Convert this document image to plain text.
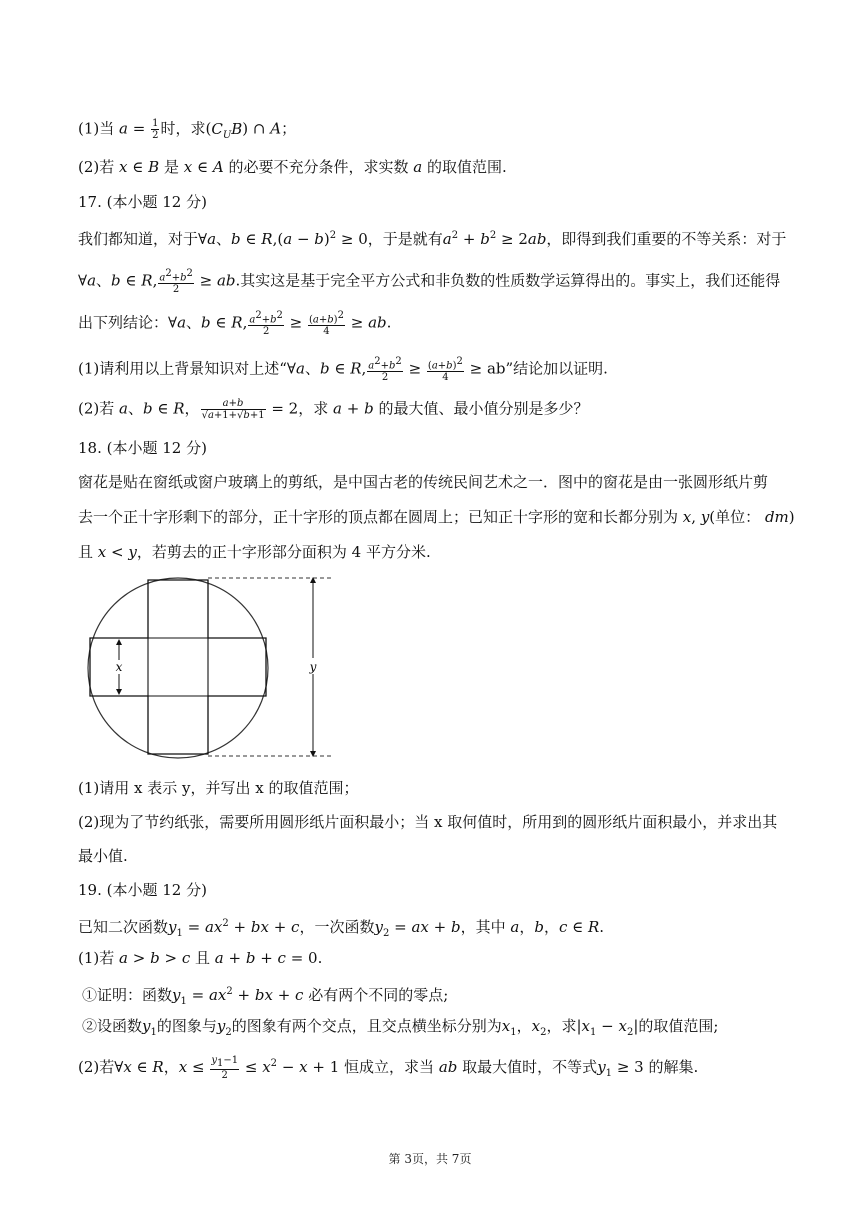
(1)当 $a = \frac{1}{2}$ 时，求$(C_UB)$ ∩ A；
(2)若 x ∈ B 是 x ∈ A 的必要不充分条件，求实数 a 的取值范围.
17. (本小题 12 分)
我们都知道，对于∀a、b ∈ $R,(a - b)^2 \ge 0$，于是就有$a^2 + b^2 \ge 2ab$，即得到我们重要的不等关系：对于
∀a、b ∈ R, $\frac{a^2+b^2}{2}$ ≥ ab.其实这是基于完全平方公式和非负数的性质数学运算得出的。事实上，我们还能得
出下列结论：∀a、b ∈ R, $\frac{a^2+b^2}{2} \ge \frac{(a+b)^2}{4}$ ≥ ab.
(1)请利用以上背景知识对上述“∀a、b ∈ R, $\frac{a^2+b^2}{2} \ge \frac{(a+b)^2}{4}$ ≥ ab”结论加以证明.
(2)若 a、b ∈ R， $\frac{a+b}{√a+1+√b+1} = 2$，求 a + b 的最大值、最小值分别是多少？
18. (本小题 12 分)
窗花是贴在窗纸或窗户玻璃上的剪纸，是中国古老的传统民间艺术之一．图中的窗花是由一张圆形纸片剪
去一个正十字形剩下的部分，正十字形的顶点都在圆周上；已知正十字形的宽和长都分别为 x, y(单位： dm)
且 x < y，若剪去的正十字形部分面积为 4 平方分米.
x	y
(1)请用 x 表示 y，并写出 x 的取值范围；
(2)现为了节约纸张，需要所用圆形纸片面积最小；当 x 取何值时，所用到的圆形纸片面积最小，并求出其
最小值.
19. (本小题 12 分)
已知二次函数$y_1 = ax^2$ + bx + c，一次函数$y_2$ = ax + b，其中 a，b，c ∈ R.
(1)若 a > b > c 且 a + b + c = 0.
①证明：函数$y_1 = ax^2$ + bx + c 必有两个不同的零点;
②设函数$y_1$的图象与$y_2$的图象有两个交点，且交点横坐标分别为$x_1$，$x_2$，求$|x_1 - x_2|$的取值范围;
(2)若∀x ∈ R，$x \le \frac{y_1-1}{2} \le x^2 - x + 1$ 恒成立，求当 ab 取最大值时，不等式$y_1 \ge 3$ 的解集.
第 3页，共 7页
